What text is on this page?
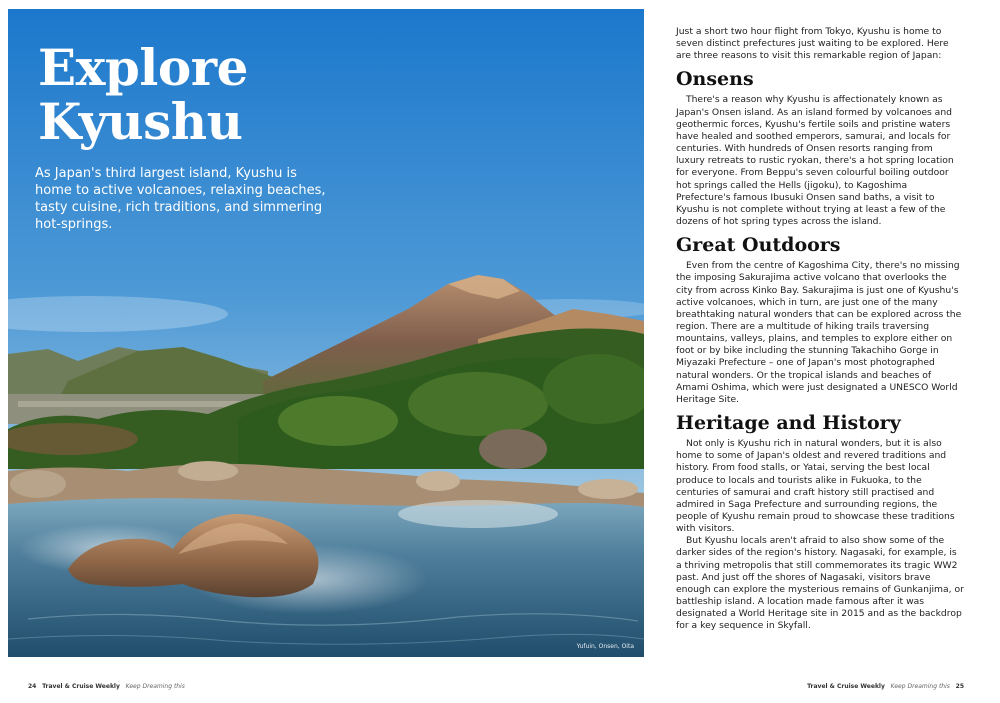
Explore
Kyushu

As Japan's third largest island, Kyushu is home to active volcanoes, relaxing beaches, tasty cuisine, rich traditions, and simmering hot-springs.

Yufuin, Onsen, Oita
24 Travel & Cruise Weekly Keep Dreaming this

Just a short two hour flight from Tokyo, Kyushu is home to seven distinct prefectures just waiting to be explored. Here are three reasons to visit this remarkable region of Japan:

Onsens

There's a reason why Kyushu is affectionately known as Japan's Onsen island. As an island formed by volcanoes and geothermic forces, Kyushu's fertile soils and pristine waters have healed and soothed emperors, samurai, and locals for centuries. With hundreds of Onsen resorts ranging from luxury retreats to rustic ryokan, there's a hot spring location for everyone. From Beppu's seven colourful boiling outdoor hot springs called the Hells (jigoku), to Kagoshima Prefecture's famous Ibusuki Onsen sand baths, a visit to Kyushu is not complete without trying at least a few of the dozens of hot spring types across the island.

Great Outdoors

Even from the centre of Kagoshima City, there's no missing the imposing Sakurajima active volcano that overlooks the city from across Kinko Bay. Sakurajima is just one of Kyushu's active volcanoes, which in turn, are just one of the many breathtaking natural wonders that can be explored across the region. There are a multitude of hiking trails traversing mountains, valleys, plains, and temples to explore either on foot or by bike including the stunning Takachiho Gorge in Miyazaki Prefecture – one of Japan's most photographed natural wonders. Or the tropical islands and beaches of Amami Oshima, which were just designated a UNESCO World Heritage Site.

Heritage and History

Not only is Kyushu rich in natural wonders, but it is also home to some of Japan's oldest and revered traditions and history. From food stalls, or Yatai, serving the best local produce to locals and tourists alike in Fukuoka, to the centuries of samurai and craft history still practised and admired in Saga Prefecture and surrounding regions, the people of Kyushu remain proud to showcase these traditions with visitors.

But Kyushu locals aren't afraid to also show some of the darker sides of the region's history. Nagasaki, for example, is a thriving metropolis that still commemorates its tragic WW2 past. And just off the shores of Nagasaki, visitors brave enough can explore the mysterious remains of Gunkanjima, or battleship island. A location made famous after it was designated a World Heritage site in 2015 and as the backdrop for a key sequence in Skyfall.

Travel & Cruise Weekly Keep Dreaming this 25
